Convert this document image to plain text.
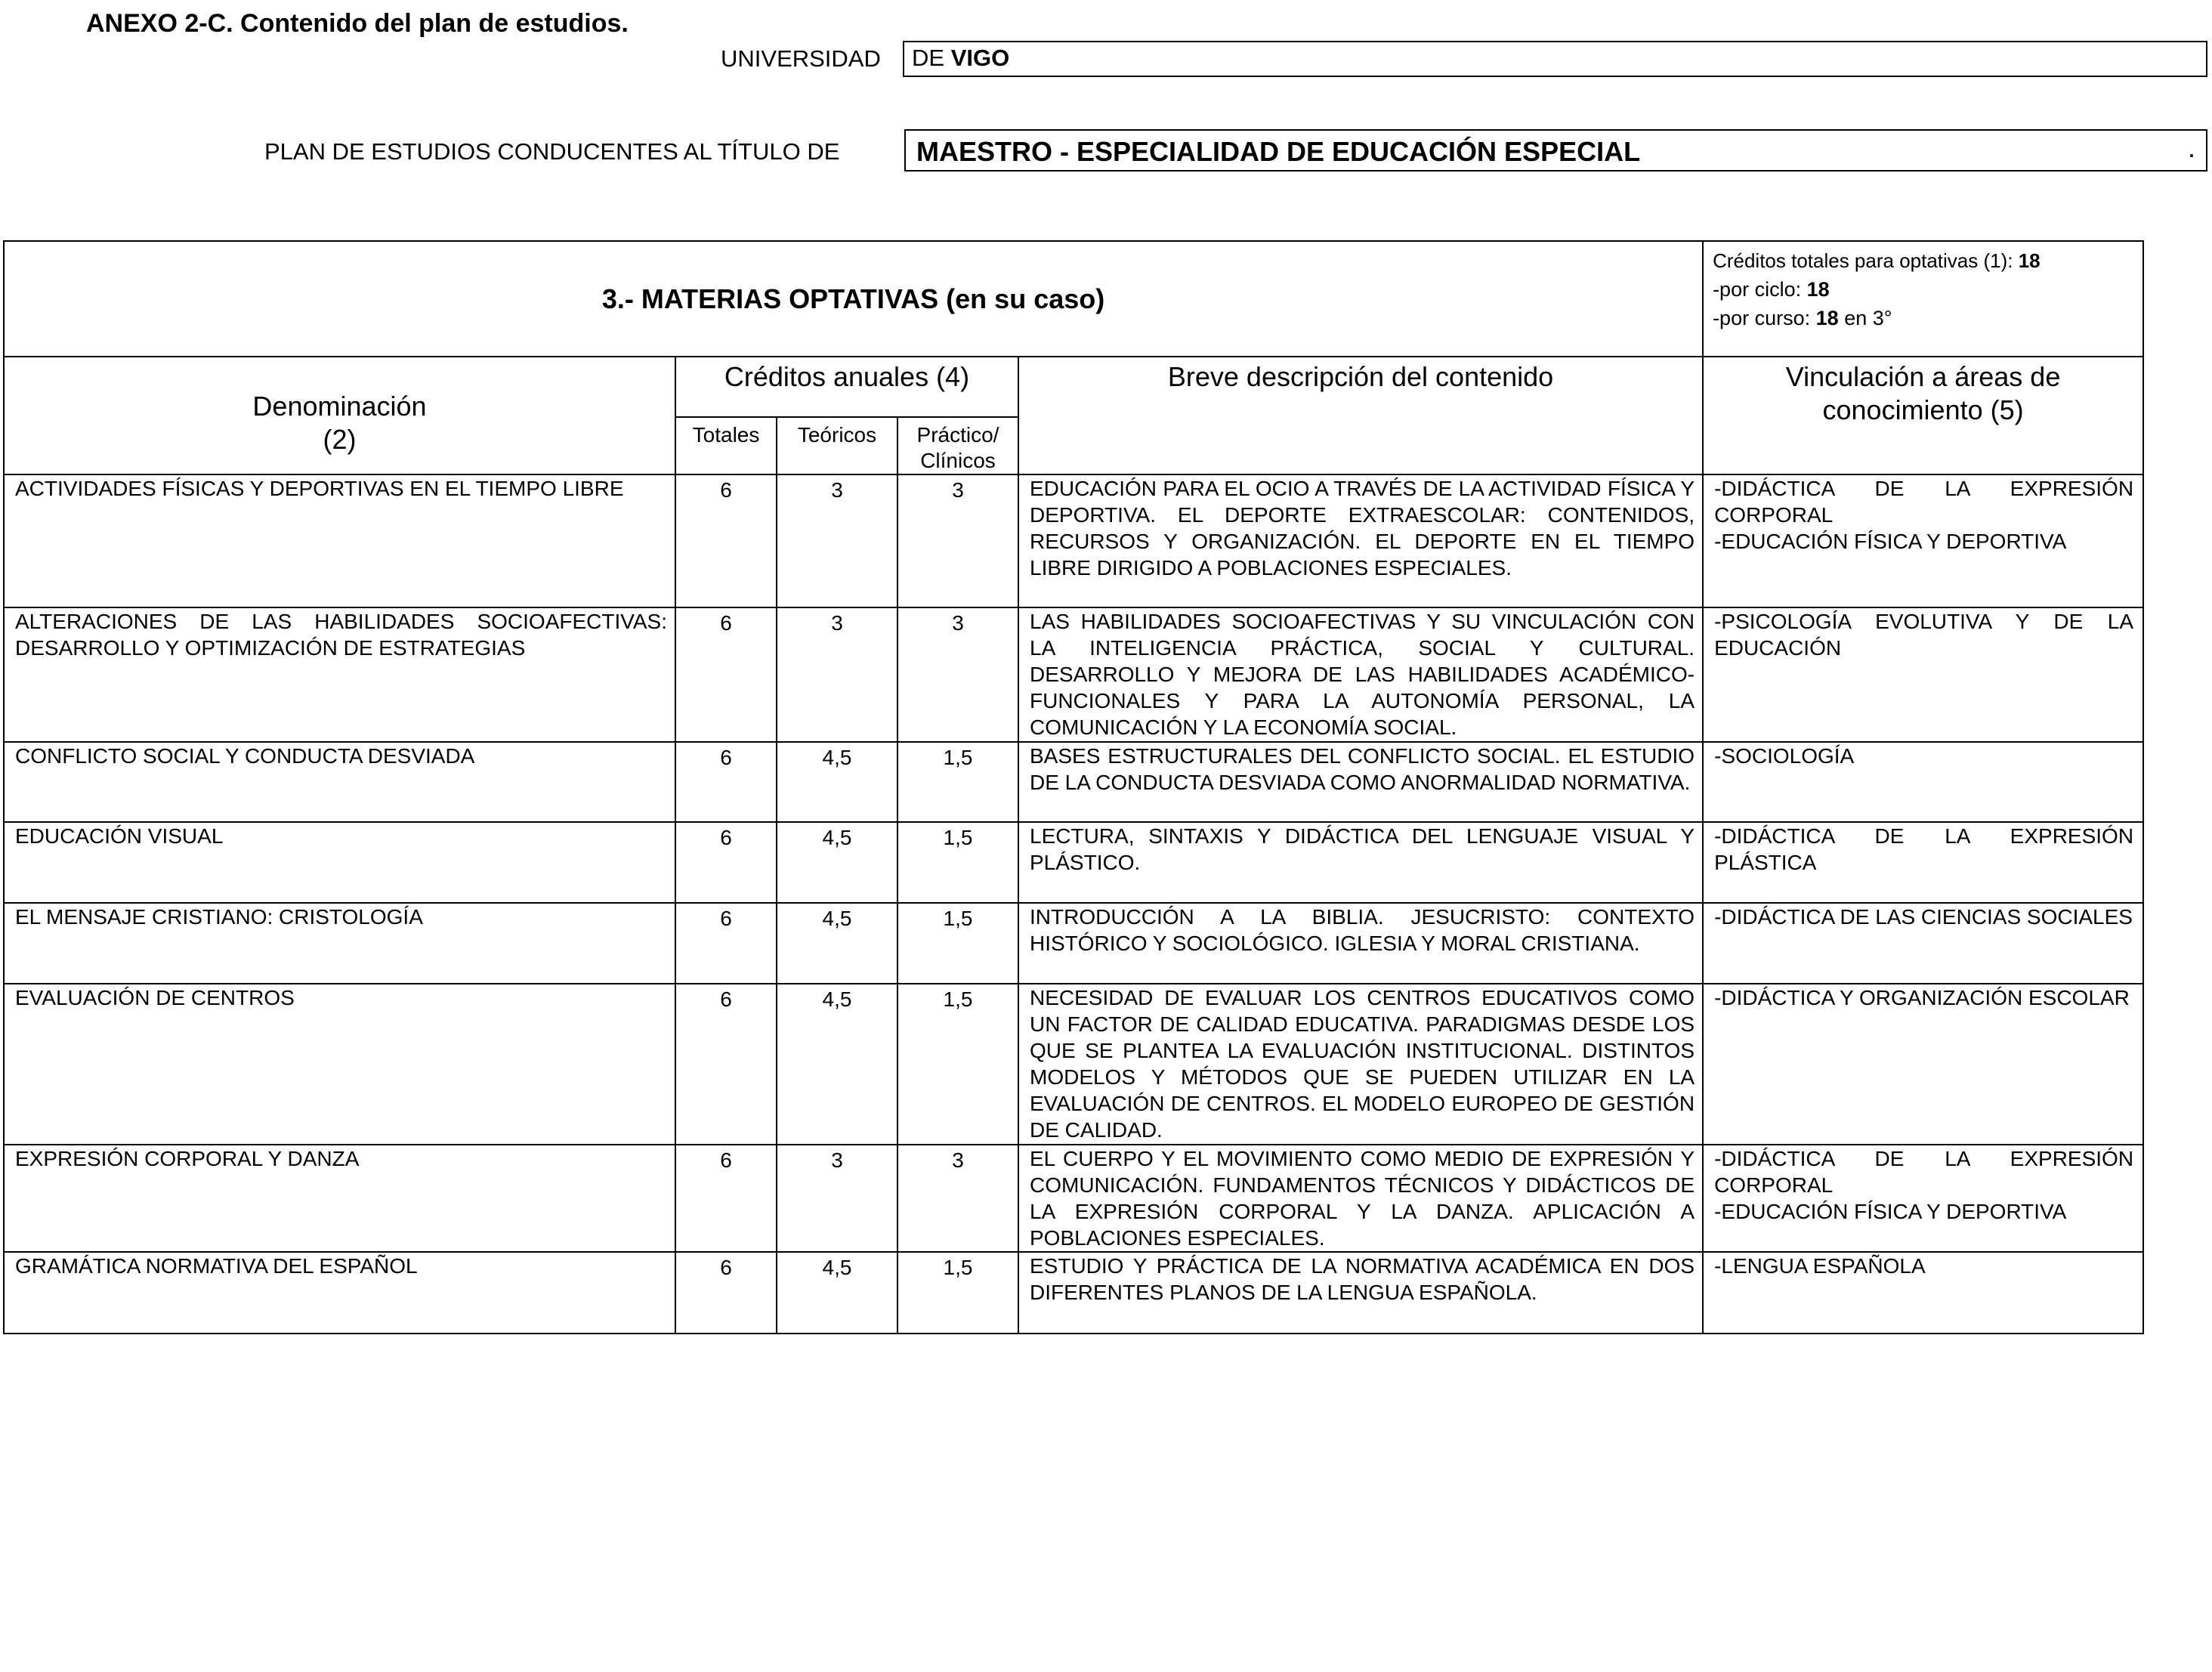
ANEXO 2-C. Contenido del plan de estudios.
UNIVERSIDAD	DE VIGO
PLAN DE ESTUDIOS CONDUCENTES AL TÍTULO DE	MAESTRO - ESPECIALIDAD DE EDUCACIÓN ESPECIAL	.
3.- MATERIAS OPTATIVAS (en su caso)					Créditos totales para optativas (1): 18
-por ciclo: 18
-por curso: 18 en 3°

Denominación
(2)	Créditos anuales (4)			Breve descripción del contenido	Vinculación a áreas de conocimiento (5)
	Totales	Teóricos	Práctico/ Clínicos		
ACTIVIDADES FÍSICAS Y DEPORTIVAS EN EL TIEMPO LIBRE	6	3	3	EDUCACIÓN PARA EL OCIO A TRAVÉS DE LA ACTIVIDAD FÍSICA Y DEPORTIVA. EL DEPORTE EXTRAESCOLAR: CONTENIDOS, RECURSOS Y ORGANIZACIÓN. EL DEPORTE EN EL TIEMPO LIBRE DIRIGIDO A POBLACIONES ESPECIALES.	-DIDÁCTICA DE LA EXPRESIÓN CORPORAL
-EDUCACIÓN FÍSICA Y DEPORTIVA

ALTERACIONES DE LAS HABILIDADES SOCIOAFECTIVAS: DESARROLLO Y OPTIMIZACIÓN DE ESTRATEGIAS	6	3	3	LAS HABILIDADES SOCIOAFECTIVAS Y SU VINCULACIÓN CON LA INTELIGENCIA PRÁCTICA, SOCIAL Y CULTURAL. DESARROLLO Y MEJORA DE LAS HABILIDADES ACADÉMICO-FUNCIONALES Y PARA LA AUTONOMÍA PERSONAL, LA COMUNICACIÓN Y LA ECONOMÍA SOCIAL.	-PSICOLOGÍA EVOLUTIVA Y DE LA EDUCACIÓN

CONFLICTO SOCIAL Y CONDUCTA DESVIADA	6	4,5	1,5	BASES ESTRUCTURALES DEL CONFLICTO SOCIAL. EL ESTUDIO DE LA CONDUCTA DESVIADA COMO ANORMALIDAD NORMATIVA.	-SOCIOLOGÍA

EDUCACIÓN VISUAL	6	4,5	1,5	LECTURA, SINTAXIS Y DIDÁCTICA DEL LENGUAJE VISUAL Y PLÁSTICO.	-DIDÁCTICA DE LA EXPRESIÓN PLÁSTICA

EL MENSAJE CRISTIANO: CRISTOLOGÍA	6	4,5	1,5	INTRODUCCIÓN A LA BIBLIA. JESUCRISTO: CONTEXTO HISTÓRICO Y SOCIOLÓGICO. IGLESIA Y MORAL CRISTIANA.	-DIDÁCTICA DE LAS CIENCIAS SOCIALES

EVALUACIÓN DE CENTROS	6	4,5	1,5	NECESIDAD DE EVALUAR LOS CENTROS EDUCATIVOS COMO UN FACTOR DE CALIDAD EDUCATIVA. PARADIGMAS DESDE LOS QUE SE PLANTEA LA EVALUACIÓN INSTITUCIONAL. DISTINTOS MODELOS Y MÉTODOS QUE SE PUEDEN UTILIZAR EN LA EVALUACIÓN DE CENTROS. EL MODELO EUROPEO DE GESTIÓN DE CALIDAD.	-DIDÁCTICA Y ORGANIZACIÓN ESCOLAR

EXPRESIÓN CORPORAL Y DANZA	6	3	3	EL CUERPO Y EL MOVIMIENTO COMO MEDIO DE EXPRESIÓN Y COMUNICACIÓN. FUNDAMENTOS TÉCNICOS Y DIDÁCTICOS DE LA EXPRESIÓN CORPORAL Y LA DANZA. APLICACIÓN A POBLACIONES ESPECIALES.	-DIDÁCTICA DE LA EXPRESIÓN CORPORAL
-EDUCACIÓN FÍSICA Y DEPORTIVA

GRAMÁTICA NORMATIVA DEL ESPAÑOL	6	4,5	1,5	ESTUDIO Y PRÁCTICA DE LA NORMATIVA ACADÉMICA EN DOS DIFERENTES PLANOS DE LA LENGUA ESPAÑOLA.	-LENGUA ESPAÑOLA
